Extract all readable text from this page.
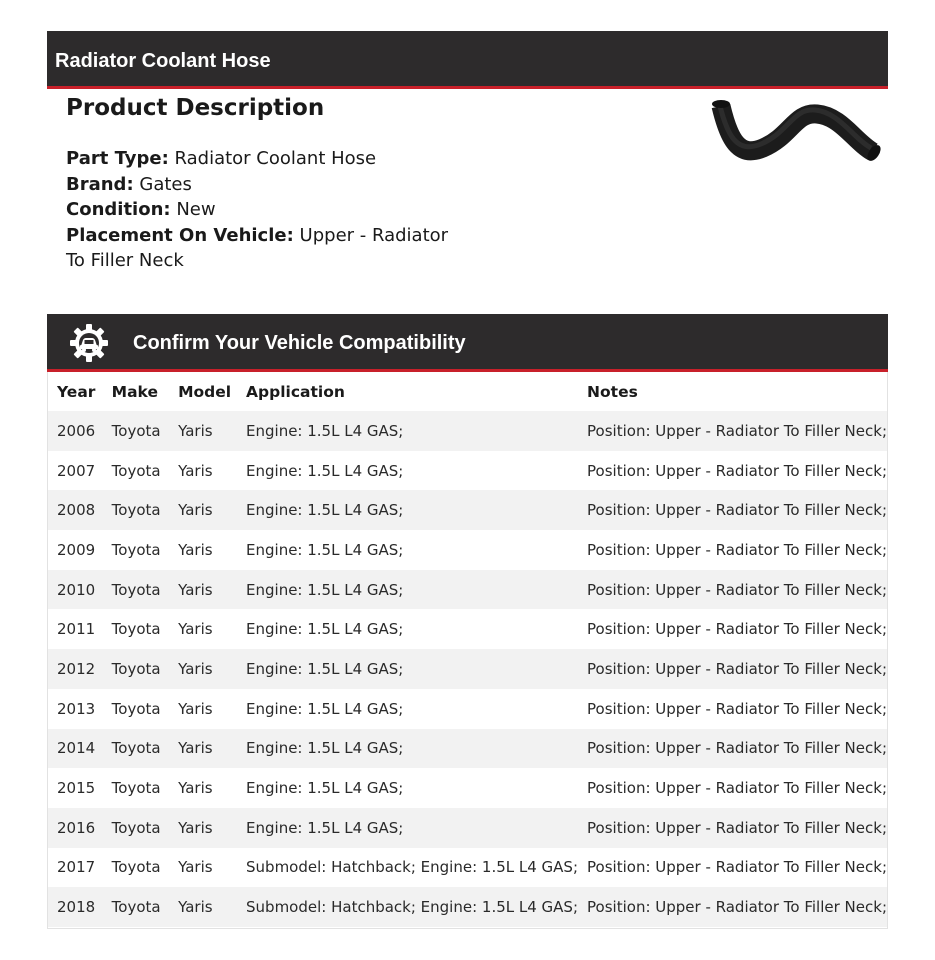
Radiator Coolant Hose
Product Description
Part Type: Radiator Coolant Hose
Brand: Gates
Condition: New
Placement On Vehicle: Upper - Radiator To Filler Neck
Confirm Your Vehicle Compatibility
Year	Make	Model	Application	Notes
2006	Toyota	Yaris	Engine: 1.5L L4 GAS;	Position: Upper - Radiator To Filler Neck;
2007	Toyota	Yaris	Engine: 1.5L L4 GAS;	Position: Upper - Radiator To Filler Neck;
2008	Toyota	Yaris	Engine: 1.5L L4 GAS;	Position: Upper - Radiator To Filler Neck;
2009	Toyota	Yaris	Engine: 1.5L L4 GAS;	Position: Upper - Radiator To Filler Neck;
2010	Toyota	Yaris	Engine: 1.5L L4 GAS;	Position: Upper - Radiator To Filler Neck;
2011	Toyota	Yaris	Engine: 1.5L L4 GAS;	Position: Upper - Radiator To Filler Neck;
2012	Toyota	Yaris	Engine: 1.5L L4 GAS;	Position: Upper - Radiator To Filler Neck;
2013	Toyota	Yaris	Engine: 1.5L L4 GAS;	Position: Upper - Radiator To Filler Neck;
2014	Toyota	Yaris	Engine: 1.5L L4 GAS;	Position: Upper - Radiator To Filler Neck;
2015	Toyota	Yaris	Engine: 1.5L L4 GAS;	Position: Upper - Radiator To Filler Neck;
2016	Toyota	Yaris	Engine: 1.5L L4 GAS;	Position: Upper - Radiator To Filler Neck;
2017	Toyota	Yaris	Submodel: Hatchback; Engine: 1.5L L4 GAS;	Position: Upper - Radiator To Filler Neck;
2018	Toyota	Yaris	Submodel: Hatchback; Engine: 1.5L L4 GAS;	Position: Upper - Radiator To Filler Neck;
